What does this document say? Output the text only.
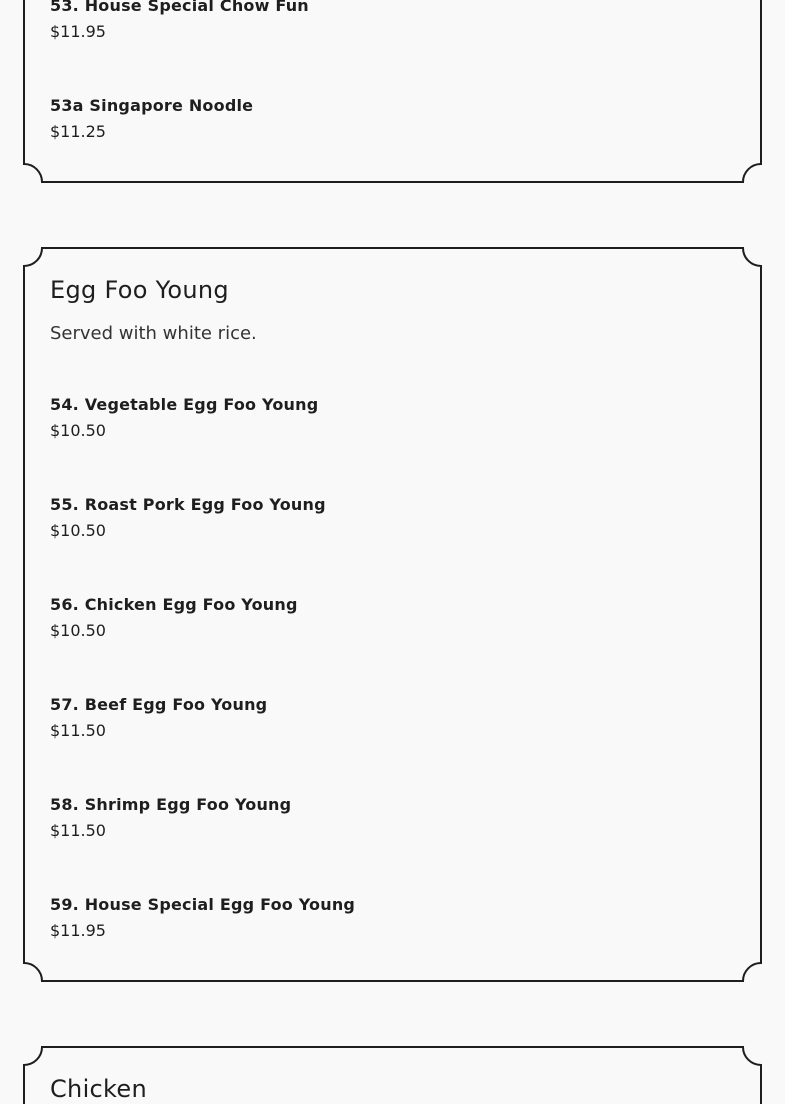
53. House Special Chow Fun
$11.95
53a Singapore Noodle
$11.25
Egg Foo Young

Served with white rice.

54. Vegetable Egg Foo Young
$10.50
55. Roast Pork Egg Foo Young
$10.50
56. Chicken Egg Foo Young
$10.50
57. Beef Egg Foo Young
$11.50
58. Shrimp Egg Foo Young
$11.50
59. House Special Egg Foo Young
$11.95
Chicken
